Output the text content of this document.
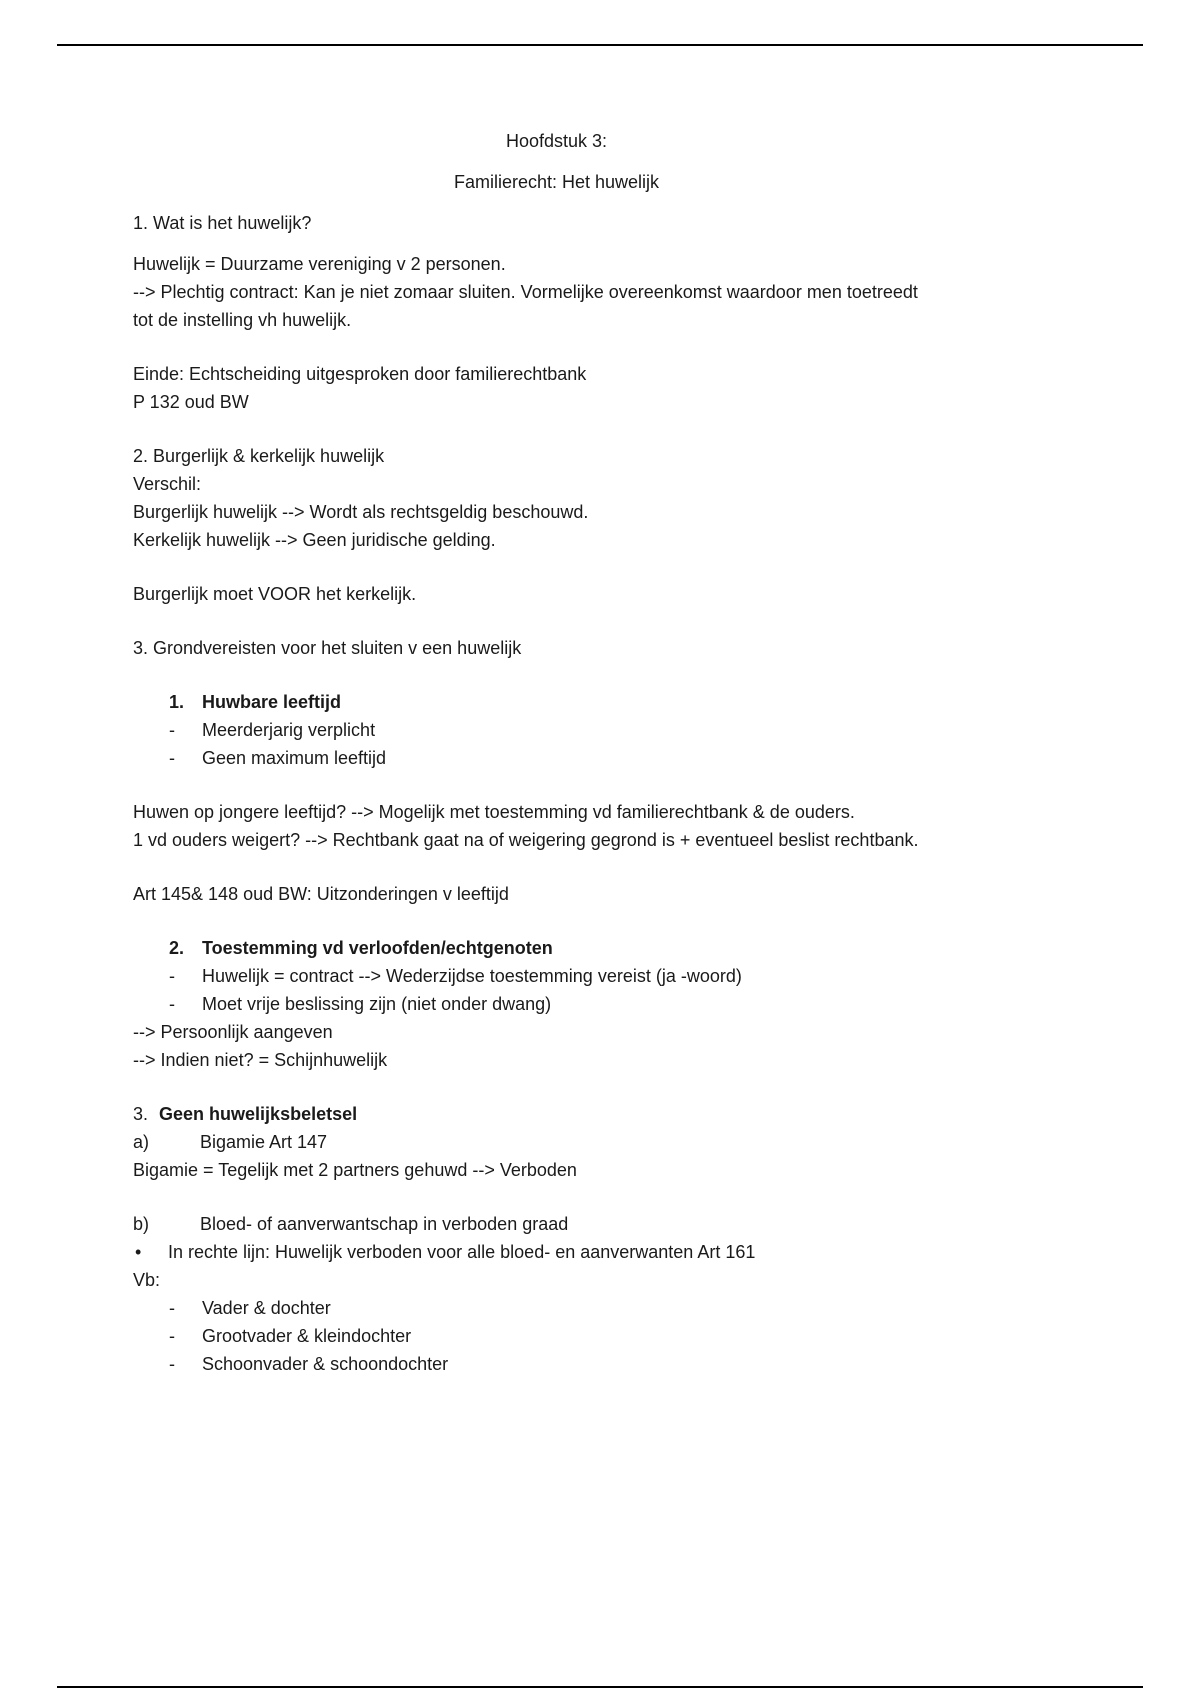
Hoofdstuk 3:
Familierecht: Het huwelijk
1. Wat is het huwelijk?
Huwelijk = Duurzame vereniging v 2 personen.
--> Plechtig contract: Kan je niet zomaar sluiten. Vormelijke overeenkomst waardoor men toetreedt
tot de instelling vh huwelijk.
Einde: Echtscheiding uitgesproken door familierechtbank
P 132 oud BW
2. Burgerlijk & kerkelijk huwelijk
Verschil:
Burgerlijk huwelijk --> Wordt als rechtsgeldig beschouwd.
Kerkelijk huwelijk --> Geen juridische gelding.
Burgerlijk moet VOOR het kerkelijk.
3. Grondvereisten voor het sluiten v een huwelijk
1. Huwbare leeftijd
-	Meerderjarig verplicht
-	Geen maximum leeftijd
Huwen op jongere leeftijd? --> Mogelijk met toestemming vd familierechtbank & de ouders.
1 vd ouders weigert? --> Rechtbank gaat na of weigering gegrond is + eventueel beslist rechtbank.
Art 145& 148 oud BW: Uitzonderingen v leeftijd
2. Toestemming vd verloofden/echtgenoten
-	Huwelijk = contract --> Wederzijdse toestemming vereist (ja -woord)
-	Moet vrije beslissing zijn (niet onder dwang)
--> Persoonlijk aangeven
--> Indien niet? = Schijnhuwelijk
3. Geen huwelijksbeletsel
a)	Bigamie Art 147
Bigamie = Tegelijk met 2 partners gehuwd --> Verboden
b)	Bloed- of aanverwantschap in verboden graad
•	In rechte lijn: Huwelijk verboden voor alle bloed- en aanverwanten Art 161
Vb:
-	Vader & dochter
-	Grootvader & kleindochter
-	Schoonvader & schoondochter
